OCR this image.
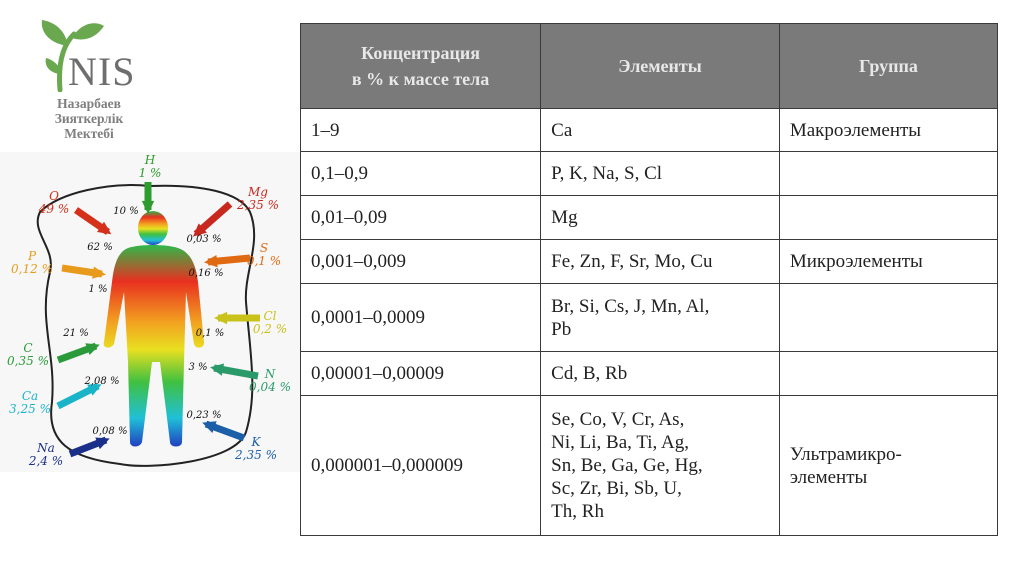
NIS
Назарбаев
Зияткерлік
Мектебі
H
1 %
O
49 %
Mg
2,35 %
P
0,12 %
S
0,1 %
Cl
0,2 %
C
0,35 %
N
0,04 %
Ca
3,25 %
K
2,35 %
Na
2,4 %
10 %
62 %
0,03 %
0,16 %
1 %
21 %	0,1 %
3 %
2,08 %
0,23 %
0,08 %
Концентрация
в % к массе тела	Элементы	Группа
1–9	Ca	Макроэлементы
0,1–0,9	P, K, Na, S, Cl	
0,01–0,09	Mg	
0,001–0,009	Fe, Zn, F, Sr, Mo, Cu	Микроэлементы
0,0001–0,0009	Br, Si, Cs, J, Mn, Al,
Pb	
0,00001–0,00009	Cd, B, Rb	
0,000001–0,000009	Se, Co, V, Cr, As,
Ni, Li, Ba, Ti, Ag,
Sn, Be, Ga, Ge, Hg,
Sc, Zr, Bi, Sb, U,
Th, Rh	Ультрамикро-
элементы
